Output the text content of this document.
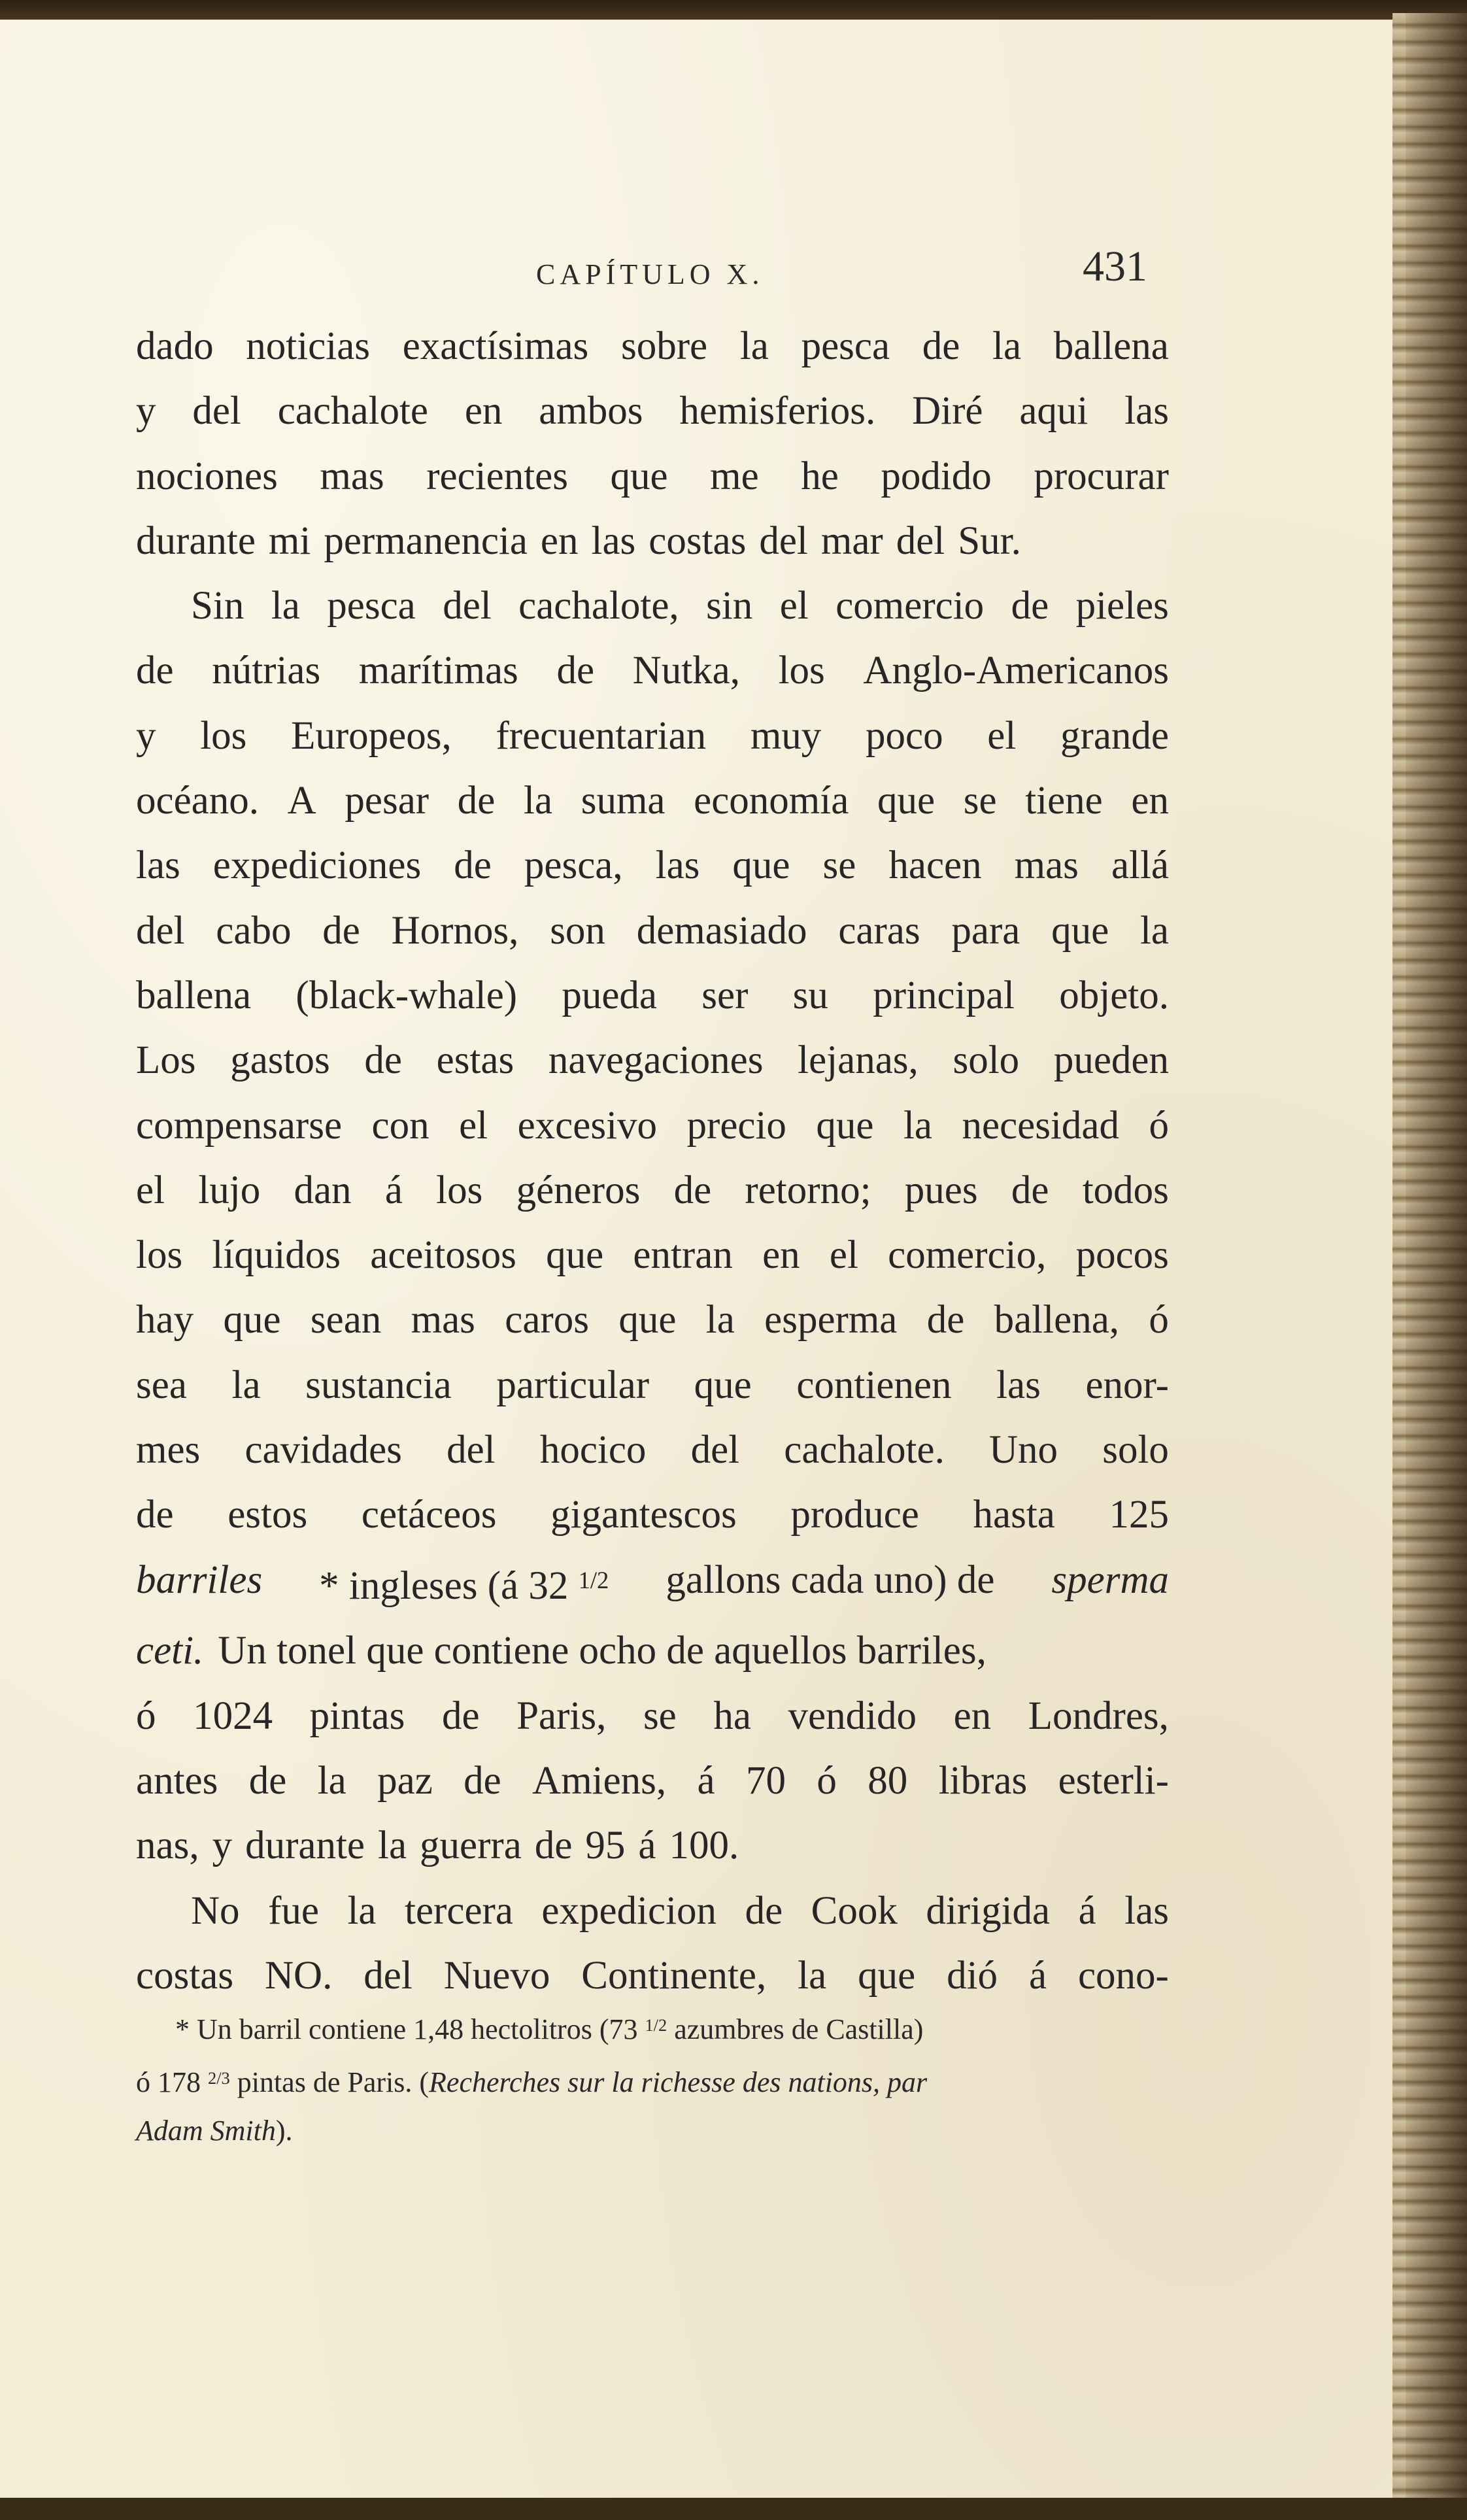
CAPÍTULO X.	431
dado noticias exactísimas sobre la pesca de la ballena
y del cachalote en ambos hemisferios. Diré aqui las
nociones mas recientes que me he podido procurar
durante mi permanencia en las costas del mar del Sur.
Sin la pesca del cachalote, sin el comercio de pieles
de nútrias marítimas de Nutka, los Anglo-Americanos
y los Europeos, frecuentarian muy poco el grande
océano. A pesar de la suma economía que se tiene en
las expediciones de pesca, las que se hacen mas allá
del cabo de Hornos, son demasiado caras para que la
ballena (black-whale) pueda ser su principal objeto.
Los gastos de estas navegaciones lejanas, solo pueden
compensarse con el excesivo precio que la necesidad ó
el lujo dan á los géneros de retorno; pues de todos
los líquidos aceitosos que entran en el comercio, pocos
hay que sean mas caros que la esperma de ballena, ó
sea la sustancia particular que contienen las enor-
mes cavidades del hocico del cachalote. Uno solo
de estos cetáceos gigantescos produce hasta 125
barriles * ingleses (á 32 1/2 gallons cada uno) de sperma
ceti. Un tonel que contiene ocho de aquellos barriles,
ó 1024 pintas de Paris, se ha vendido en Londres,
antes de la paz de Amiens, á 70 ó 80 libras esterli-
nas, y durante la guerra de 95 á 100.
No fue la tercera expedicion de Cook dirigida á las
costas NO. del Nuevo Continente, la que dió á cono-
* Un barril contiene 1,48 hectolitros (73 $^{1/2}$ azumbres de Castilla)
ó 178 $^{2/3}$ pintas de Paris. (Recherches sur la richesse des nations, par
Adam Smith).
